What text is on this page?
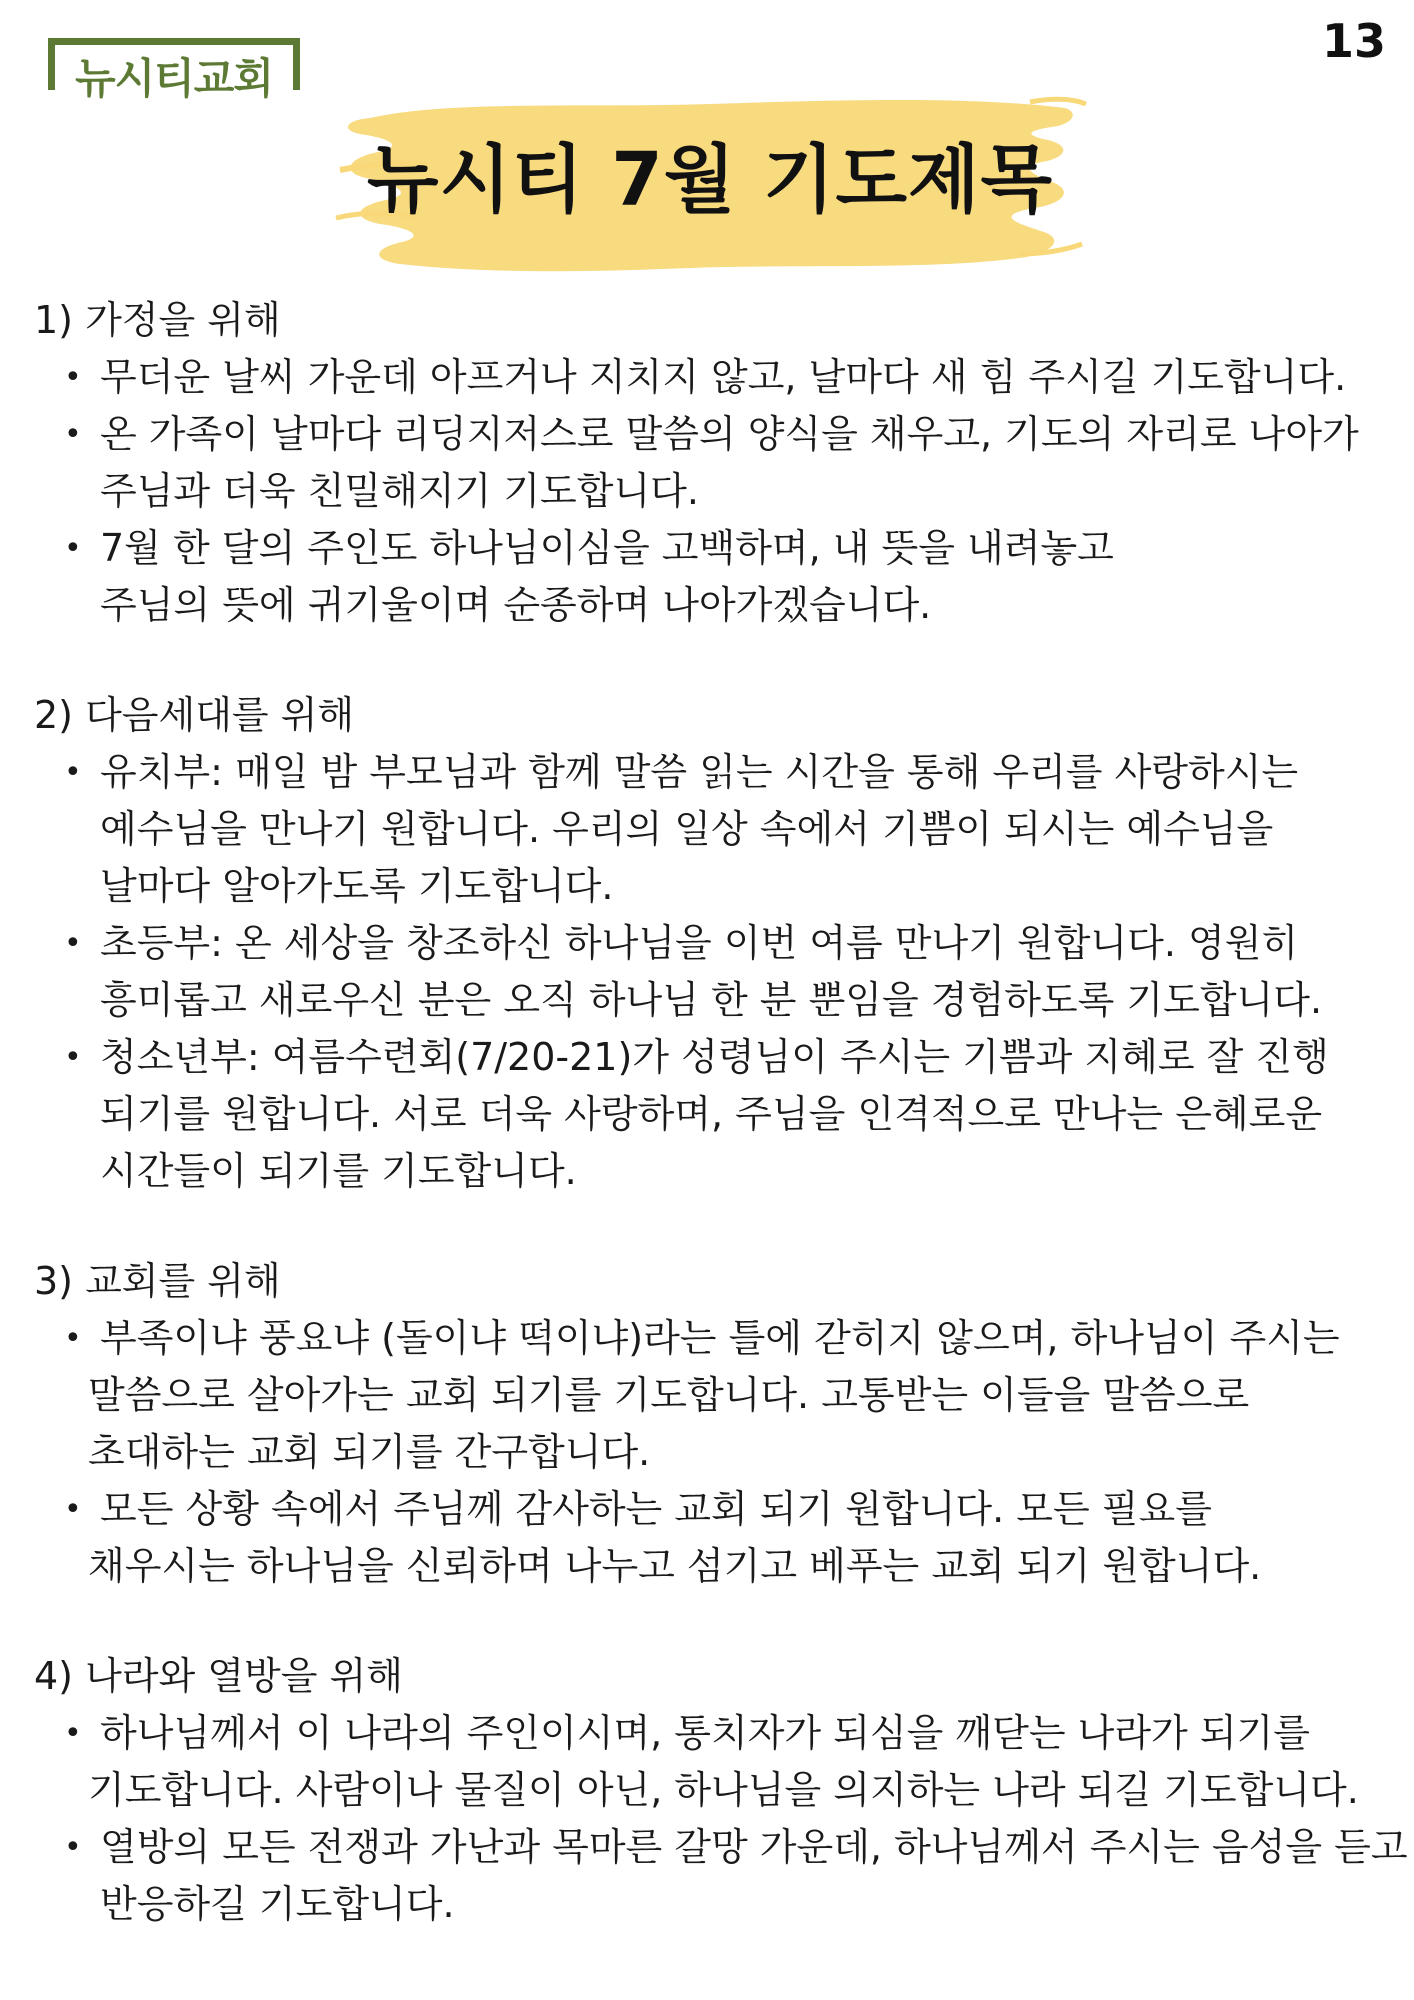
13
뉴시티교회
뉴시티 7월 기도제목
1) 가정을 위해
• 무더운 날씨 가운데 아프거나 지치지 않고, 날마다 새 힘 주시길 기도합니다.
• 온 가족이 날마다 리딩지저스로 말씀의 양식을 채우고, 기도의 자리로 나아가
주님과 더욱 친밀해지기 기도합니다.
• 7월 한 달의 주인도 하나님이심을 고백하며, 내 뜻을 내려놓고
주님의 뜻에 귀기울이며 순종하며 나아가겠습니다.
2) 다음세대를 위해
• 유치부: 매일 밤 부모님과 함께 말씀 읽는 시간을 통해 우리를 사랑하시는
예수님을 만나기 원합니다. 우리의 일상 속에서 기쁨이 되시는 예수님을
날마다 알아가도록 기도합니다.
• 초등부: 온 세상을 창조하신 하나님을 이번 여름 만나기 원합니다. 영원히
흥미롭고 새로우신 분은 오직 하나님 한 분 뿐임을 경험하도록 기도합니다.
• 청소년부: 여름수련회(7/20-21)가 성령님이 주시는 기쁨과 지혜로 잘 진행
되기를 원합니다. 서로 더욱 사랑하며, 주님을 인격적으로 만나는 은혜로운
시간들이 되기를 기도합니다.
3) 교회를 위해
• 부족이냐 풍요냐 (돌이냐 떡이냐)라는 틀에 갇히지 않으며, 하나님이 주시는
말씀으로 살아가는 교회 되기를 기도합니다. 고통받는 이들을 말씀으로
초대하는 교회 되기를 간구합니다.
• 모든 상황 속에서 주님께 감사하는 교회 되기 원합니다. 모든 필요를
채우시는 하나님을 신뢰하며 나누고 섬기고 베푸는 교회 되기 원합니다.
4) 나라와 열방을 위해
• 하나님께서 이 나라의 주인이시며, 통치자가 되심을 깨닫는 나라가 되기를
기도합니다. 사람이나 물질이 아닌, 하나님을 의지하는 나라 되길 기도합니다.
• 열방의 모든 전쟁과 가난과 목마른 갈망 가운데, 하나님께서 주시는 음성을 듣고
반응하길 기도합니다.
